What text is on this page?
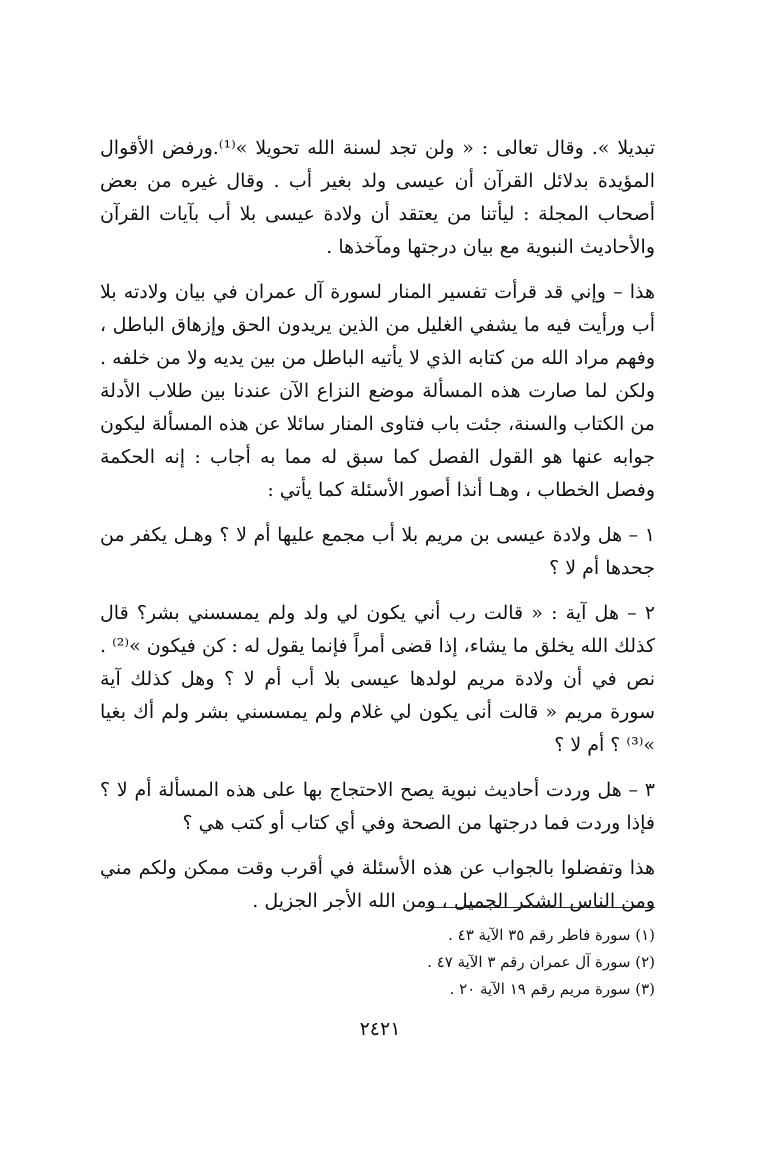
تبديلا ». وقال تعالى : « ولن تجد لسنة الله تحويلا »⁽¹⁾.ورفض الأقوال المؤيدة بدلائل القرآن أن عيسى ولد بغير أب . وقال غيره من بعض أصحاب المجلة : ليأتنا من يعتقد أن ولادة عيسى بلا أب بآيات القرآن والأحاديث النبوية مع بيان درجتها ومآخذها .

هذا – وإني قد قرأت تفسير المنار لسورة آل عمران في بيان ولادته بلا أب ورأيت فيه ما يشفي الغليل من الذين يريدون الحق وإزهاق الباطل ، وفهم مراد الله من كتابه الذي لا يأتيه الباطل من بين يديه ولا من خلفه . ولكن لما صارت هذه المسألة موضع النزاع الآن عندنا بين طلاب الأدلة من الكتاب والسنة، جئت باب فتاوى المنار سائلا عن هذه المسألة ليكون جوابه عنها هو القول الفصل كما سبق له مما به أجاب : إنه الحكمة وفصل الخطاب ، وهـا أنذا أصور الأسئلة كما يأتي :

١ – هل ولادة عيسى بن مريم بلا أب مجمع عليها أم لا ؟ وهـل يكفر من جحدها أم لا ؟

٢ – هل آية : « قالت رب أني يكون لي ولد ولم يمسسني بشر؟ قال كذلك الله يخلق ما يشاء، إذا قضى أمراً فإنما يقول له : كن فيكون »⁽²⁾ . نص في أن ولادة مريم لولدها عيسى بلا أب أم لا ؟ وهل كذلك آية سورة مريم « قالت أنى يكون لي غلام ولم يمسسني بشر ولم أك بغيا »⁽³⁾ ؟ أم لا ؟

٣ – هل وردت أحاديث نبوية يصح الاحتجاج بها على هذه المسألة أم لا ؟ فإذا وردت فما درجتها من الصحة وفي أي كتاب أو كتب هي ؟

هذا وتفضلوا بالجواب عن هذه الأسئلة في أقرب وقت ممكن ولكم مني ومن الناس الشكر الجميل ، ومن الله الأجر الجزيل .

(١) سورة فاطر رقم ٣٥ الآية ٤٣ .

(٢) سورة آل عمران رقم ٣ الآية ٤٧ .

(٣) سورة مريم رقم ١٩ الآية ٢٠ .

٢٤٢١
